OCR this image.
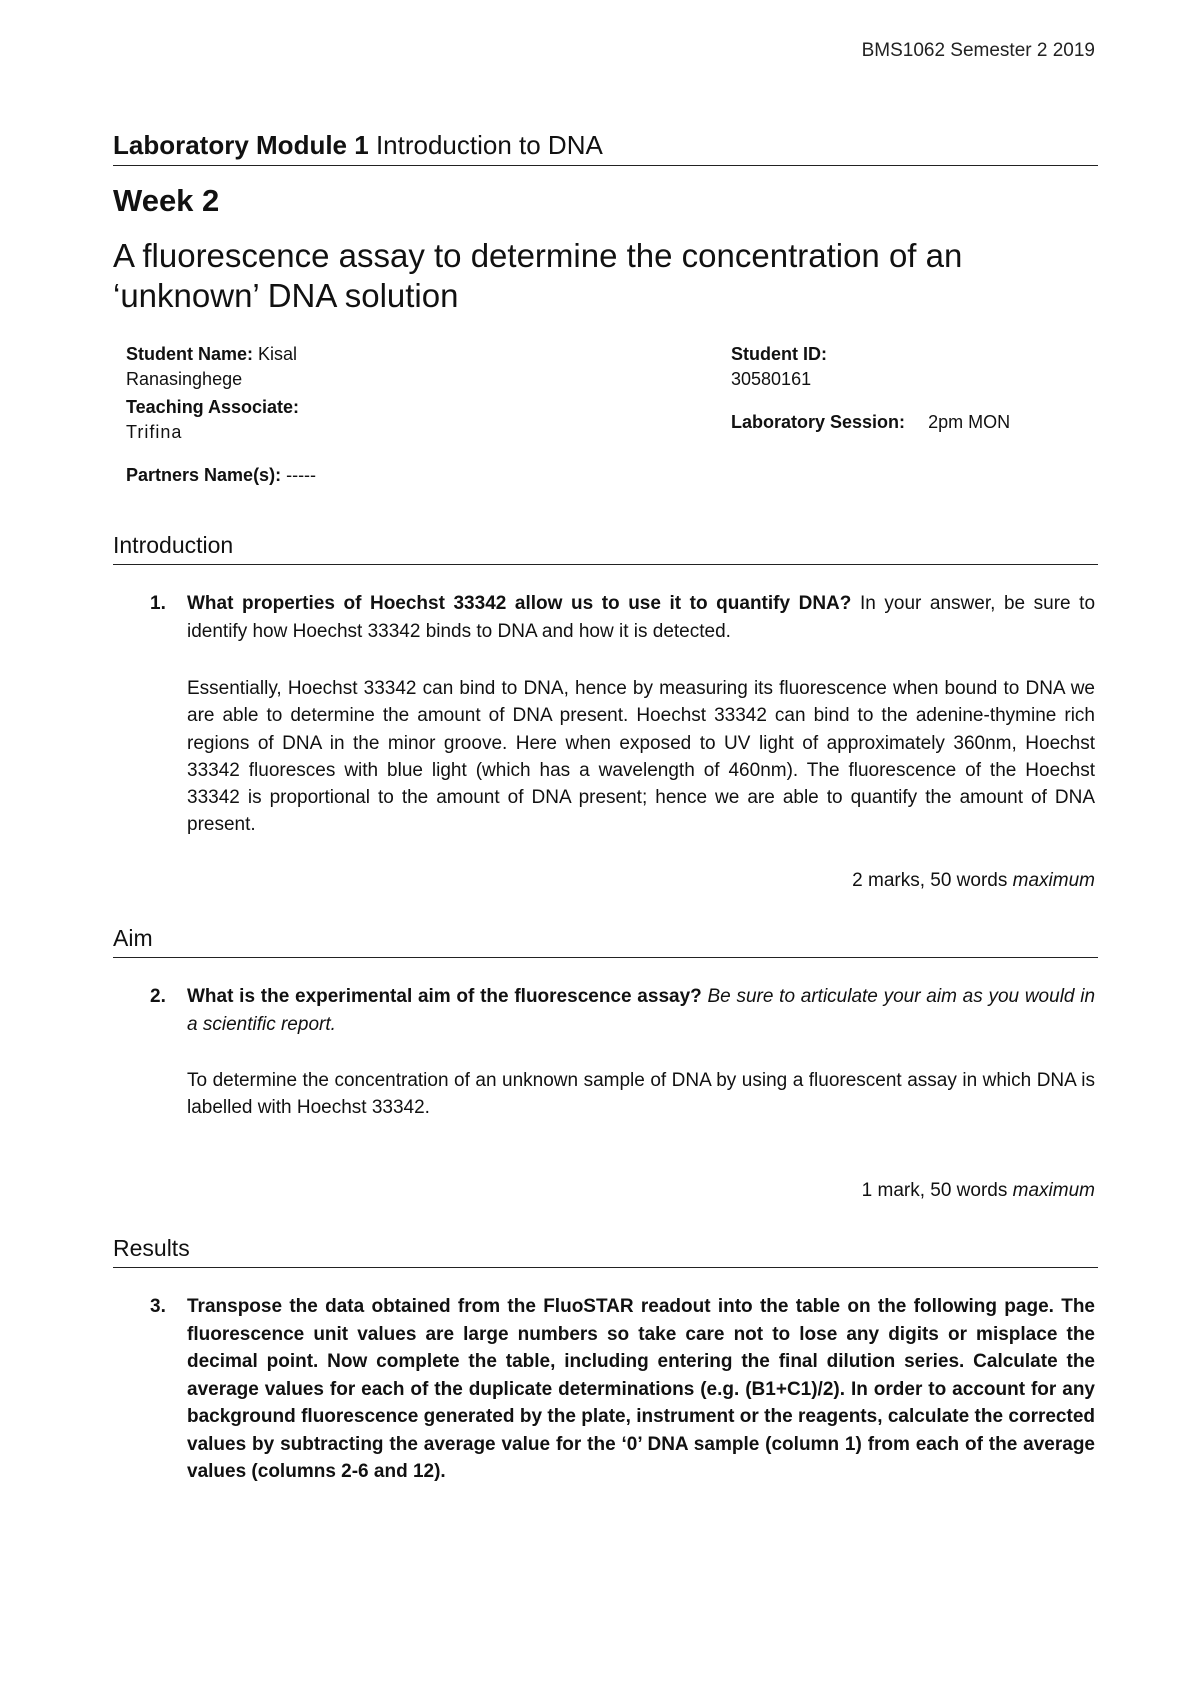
BMS1062 Semester 2 2019
Laboratory Module 1 Introduction to DNA
Week 2
A fluorescence assay to determine the concentration of an ‘unknown’ DNA solution
Student Name: Kisal
Ranasinghege
Teaching Associate:
Trifina
Partners Name(s): -----
Student ID:
30580161
Laboratory Session: 2pm MON
Introduction
1. What properties of Hoechst 33342 allow us to use it to quantify DNA? In your answer, be sure to identify how Hoechst 33342 binds to DNA and how it is detected.
Essentially, Hoechst 33342 can bind to DNA, hence by measuring its fluorescence when bound to DNA we are able to determine the amount of DNA present. Hoechst 33342 can bind to the adenine-thymine rich regions of DNA in the minor groove. Here when exposed to UV light of approximately 360nm, Hoechst 33342 fluoresces with blue light (which has a wavelength of 460nm). The fluorescence of the Hoechst 33342 is proportional to the amount of DNA present; hence we are able to quantify the amount of DNA present.
2 marks, 50 words maximum
Aim
2. What is the experimental aim of the fluorescence assay? Be sure to articulate your aim as you would in a scientific report.
To determine the concentration of an unknown sample of DNA by using a fluorescent assay in which DNA is labelled with Hoechst 33342.
1 mark, 50 words maximum
Results
3. Transpose the data obtained from the FluoSTAR readout into the table on the following page. The fluorescence unit values are large numbers so take care not to lose any digits or misplace the decimal point. Now complete the table, including entering the final dilution series. Calculate the average values for each of the duplicate determinations (e.g. (B1+C1)/2). In order to account for any background fluorescence generated by the plate, instrument or the reagents, calculate the corrected values by subtracting the average value for the ‘0’ DNA sample (column 1) from each of the average values (columns 2-6 and 12).
